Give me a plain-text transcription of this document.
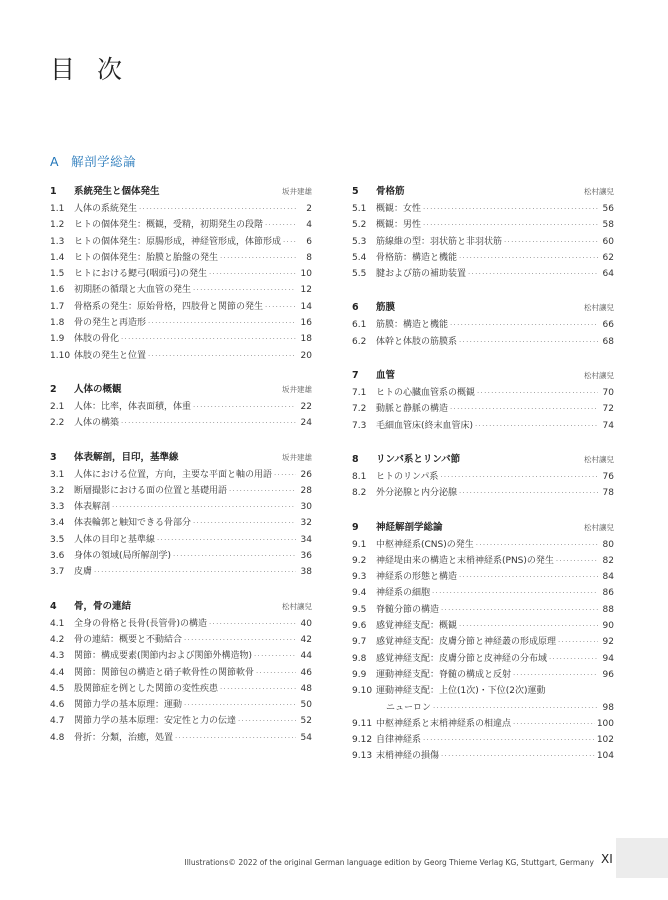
目 次
A 解剖学総論
1	系統発生と個体発生	坂井建雄
1.1	人体の系統発生 ·····	2
1.2	ヒトの個体発生：概観，受精，初期発生の段階 ·····	4
1.3	ヒトの個体発生：原腸形成，神経管形成，体節形成 ·····	6
1.4	ヒトの個体発生：胎膜と胎盤の発生 ·····	8
1.5	ヒトにおける鰓弓(咽頭弓)の発生 ·····	10
1.6	初期胚の循環と大血管の発生 ·····	12
1.7	骨格系の発生：原始骨格，四肢骨と関節の発生 ·····	14
1.8	骨の発生と再造形 ·····	16
1.9	体肢の骨化 ·····	18
1.10 体肢の発生と位置 ·····	20
2	人体の概観	坂井建雄
2.1	人体：比率，体表面積，体重 ·····	22
2.2	人体の構築 ·····	24
3	体表解剖，目印，基準線	坂井建雄
3.1	人体における位置，方向，主要な平面と軸の用語 ·····	26
3.2	断層撮影における面の位置と基礎用語 ·····	28
3.3	体表解剖 ·····	30
3.4	体表輪郭と触知できる骨部分 ·····	32
3.5	人体の目印と基準線 ·····	34
3.6	身体の領域(局所解剖学) ·····	36
3.7	皮膚 ·····	38
4	骨，骨の連結	松村讓兒
4.1	全身の骨格と長骨(長管骨)の構造 ·····	40
4.2	骨の連結：概要と不動結合 ·····	42
4.3	関節：構成要素(関節内および関節外構造物) ·····	44
4.4	関節：関節包の構造と硝子軟骨性の関節軟骨 ·····	46
4.5	股関節症を例とした関節の変性疾患 ·····	48
4.6	関節力学の基本原理：運動 ·····	50
4.7	関節力学の基本原理：安定性と力の伝達 ·····	52
4.8	骨折：分類，治癒，処置 ·····	54
5	骨格筋	松村讓兒
5.1	概観：女性 ·····	56
5.2	概観：男性 ·····	58
5.3	筋線維の型：羽状筋と非羽状筋 ·····	60
5.4	骨格筋：構造と機能 ·····	62
5.5	腱および筋の補助装置 ·····	64
6	筋膜	松村讓兒
6.1	筋膜：構造と機能 ·····	66
6.2	体幹と体肢の筋膜系 ·····	68
7	血管	松村讓兒
7.1	ヒトの心臓血管系の概観 ·····	70
7.2	動脈と静脈の構造 ·····	72
7.3	毛細血管床(終末血管床) ·····	74
8	リンパ系とリンパ節	松村讓兒
8.1	ヒトのリンパ系 ·····	76
8.2	外分泌腺と内分泌腺 ·····	78
9	神経解剖学総論	松村讓兒
9.1	中枢神経系(CNS)の発生 ·····	80
9.2	神経堤由来の構造と末梢神経系(PNS)の発生 ·····	82
9.3	神経系の形態と構造 ·····	84
9.4	神経系の細胞 ·····	86
9.5	脊髄分節の構造 ·····	88
9.6	感覚神経支配：概観 ·····	90
9.7	感覚神経支配：皮膚分節と神経叢の形成原理 ·····	92
9.8	感覚神経支配：皮膚分節と皮神経の分布域 ·····	94
9.9	運動神経支配：脊髄の構成と反射 ·····	96
9.10 運動神経支配：上位(1次)・下位(2次)運動
ニューロン ·····	98
9.11 中枢神経系と末梢神経系の相違点 ·····	100
9.12 自律神経系 ·····	102
9.13 末梢神経の損傷 ·····	104
Illustrations© 2022 of the original German language edition by Georg Thieme Verlag KG, Stuttgart, Germany XI
